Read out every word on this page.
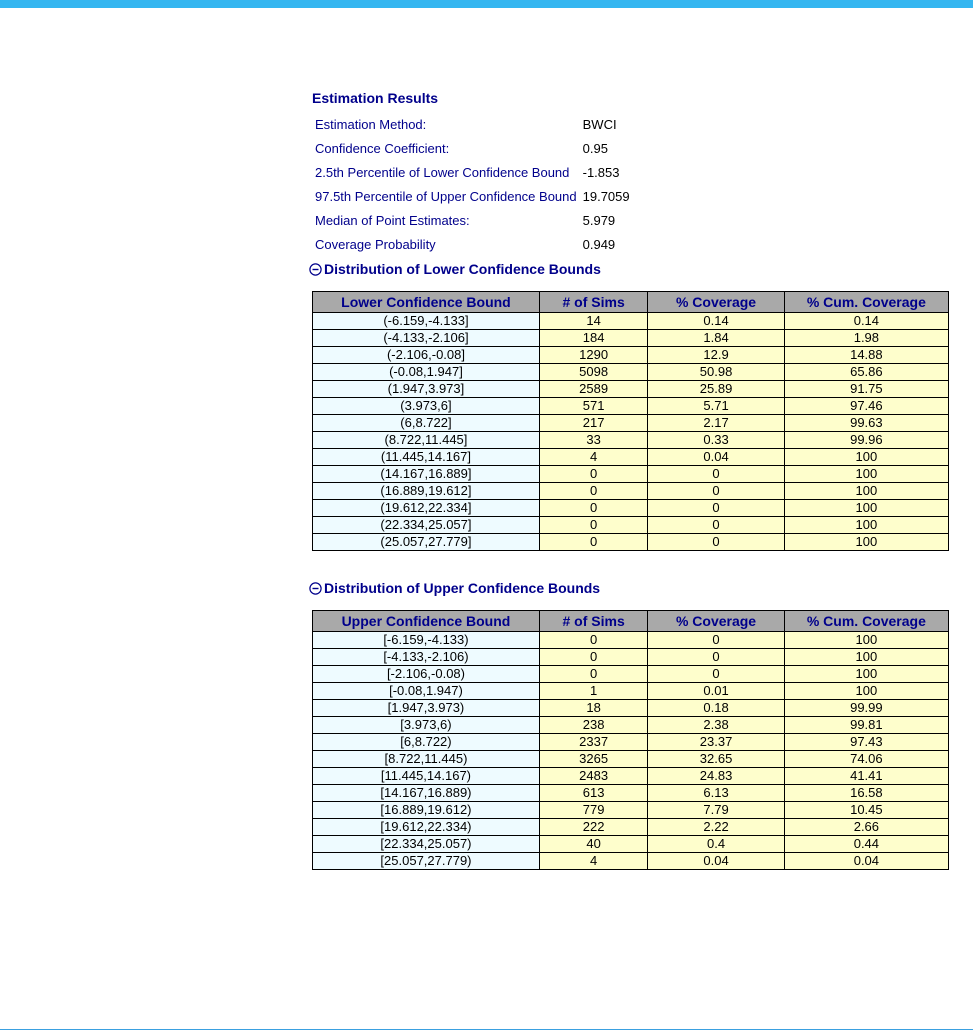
Estimation Results
Estimation Method:	BWCI
Confidence Coefficient:	0.95
2.5th Percentile of Lower Confidence Bound	-1.853
97.5th Percentile of Upper Confidence Bound	19.7059
Median of Point Estimates:	5.979
Coverage Probability	0.949
Distribution of Lower Confidence Bounds
Lower Confidence Bound	# of Sims	% Coverage	% Cum. Coverage
(-6.159,-4.133]	14	0.14	0.14
(-4.133,-2.106]	184	1.84	1.98
(-2.106,-0.08]	1290	12.9	14.88
(-0.08,1.947]	5098	50.98	65.86
(1.947,3.973]	2589	25.89	91.75
(3.973,6]	571	5.71	97.46
(6,8.722]	217	2.17	99.63
(8.722,11.445]	33	0.33	99.96
(11.445,14.167]	4	0.04	100
(14.167,16.889]	0	0	100
(16.889,19.612]	0	0	100
(19.612,22.334]	0	0	100
(22.334,25.057]	0	0	100
(25.057,27.779]	0	0	100
Distribution of Upper Confidence Bounds
Upper Confidence Bound	# of Sims	% Coverage	% Cum. Coverage
[-6.159,-4.133)	0	0	100
[-4.133,-2.106)	0	0	100
[-2.106,-0.08)	0	0	100
[-0.08,1.947)	1	0.01	100
[1.947,3.973)	18	0.18	99.99
[3.973,6)	238	2.38	99.81
[6,8.722)	2337	23.37	97.43
[8.722,11.445)	3265	32.65	74.06
[11.445,14.167)	2483	24.83	41.41
[14.167,16.889)	613	6.13	16.58
[16.889,19.612)	779	7.79	10.45
[19.612,22.334)	222	2.22	2.66
[22.334,25.057)	40	0.4	0.44
[25.057,27.779)	4	0.04	0.04
